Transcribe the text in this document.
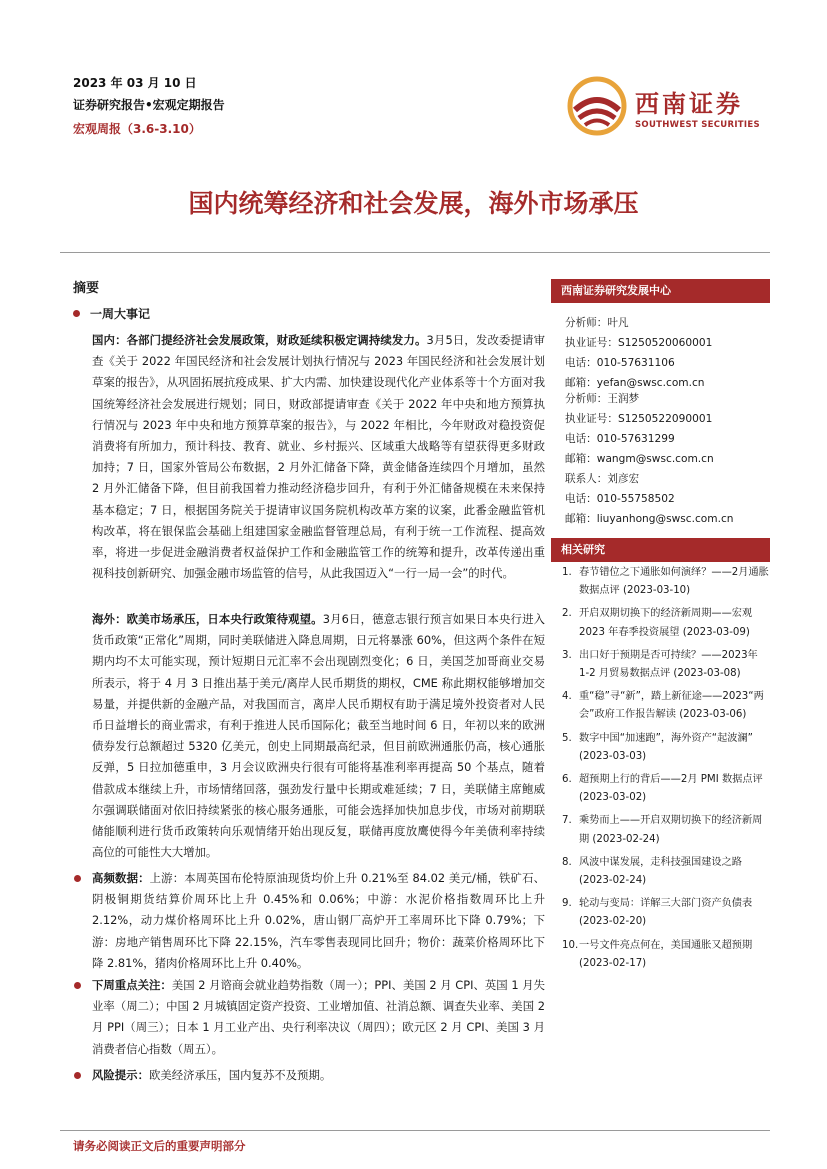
2023 年 03 月 10 日
证券研究报告•宏观定期报告
宏观周报（3.6-3.10）
西南证券
SOUTHWEST SECURITIES
国内统筹经济和社会发展，海外市场承压
摘要
一周大事记
国内：各部门提经济社会发展政策，财政延续积极定调持续发力。3月5日，发改委提请审查《关于 2022 年国民经济和社会发展计划执行情况与 2023 年国民经济和社会发展计划草案的报告》，从巩固拓展抗疫成果、扩大内需、加快建设现代化产业体系等十个方面对我国统筹经济社会发展进行规划；同日，财政部提请审查《关于 2022 年中央和地方预算执行情况与 2023 年中央和地方预算草案的报告》，与 2022 年相比，今年财政对稳投资促消费将有所加力，预计科技、教育、就业、乡村振兴、区域重大战略等有望获得更多财政加持；7 日，国家外管局公布数据，2 月外汇储备下降，黄金储备连续四个月增加，虽然 2 月外汇储备下降，但目前我国着力推动经济稳步回升，有利于外汇储备规模在未来保持基本稳定；7 日，根据国务院关于提请审议国务院机构改革方案的议案，此番金融监管机构改革，将在银保监会基础上组建国家金融监督管理总局，有利于统一工作流程、提高效率，将进一步促进金融消费者权益保护工作和金融监管工作的统筹和提升，改革传递出重视科技创新研究、加强金融市场监管的信号，从此我国迈入“一行一局一会”的时代。
海外：欧美市场承压，日本央行政策待观望。3月6日，德意志银行预言如果日本央行进入货币政策“正常化”周期，同时美联储进入降息周期，日元将暴涨 60%，但这两个条件在短期内均不太可能实现，预计短期日元汇率不会出现剧烈变化；6 日，美国芝加哥商业交易所表示，将于 4 月 3 日推出基于美元/离岸人民币期货的期权，CME 称此期权能够增加交易量，并提供新的金融产品，对我国而言，离岸人民币期权有助于满足境外投资者对人民币日益增长的商业需求，有利于推进人民币国际化；截至当地时间 6 日，年初以来的欧洲债券发行总额超过 5320 亿美元，创史上同期最高纪录，但目前欧洲通胀仍高，核心通胀反弹，5 日拉加德重申，3 月会议欧洲央行很有可能将基准利率再提高 50 个基点，随着借款成本继续上升，市场情绪回落，强劲发行量中长期或难延续；7 日，美联储主席鲍威尔强调联储面对依旧持续紧张的核心服务通胀，可能会选择加快加息步伐，市场对前期联储能顺利进行货币政策转向乐观情绪开始出现反复，联储再度放鹰使得今年美债利率持续高位的可能性大大增加。
高频数据：上游：本周英国布伦特原油现货均价上升 0.21%至 84.02 美元/桶，铁矿石、阴极铜期货结算价周环比上升 0.45%和 0.06%；中游：水泥价格指数周环比上升 2.12%，动力煤价格周环比上升 0.02%，唐山钢厂高炉开工率周环比下降 0.79%；下游：房地产销售周环比下降 22.15%，汽车零售表现同比回升；物价：蔬菜价格周环比下降 2.81%，猪肉价格周环比上升 0.40%。
下周重点关注：美国 2 月谘商会就业趋势指数（周一）；PPI、美国 2 月 CPI、英国 1 月失业率（周二）；中国 2 月城镇固定资产投资、工业增加值、社消总额、调查失业率、美国 2 月 PPI（周三）；日本 1 月工业产出、央行利率决议（周四）；欧元区 2 月 CPI、美国 3 月消费者信心指数（周五）。
风险提示：欧美经济承压，国内复苏不及预期。
西南证券研究发展中心
分析师：叶凡
执业证号：S1250520060001
电话：010-57631106
邮箱：yefan@swsc.com.cn
分析师：王润梦
执业证号：S1250522090001
电话：010-57631299
邮箱：wangm@swsc.com.cn
联系人：刘彦宏
电话：010-55758502
邮箱：liuyanhong@swsc.com.cn
相关研究
1. 春节错位之下通胀如何演绎？——2月通胀数据点评 (2023-03-10)
2. 开启双期切换下的经济新周期——宏观 2023 年春季投资展望 (2023-03-09)
3. 出口好于预期是否可持续？——2023年 1-2 月贸易数据点评 (2023-03-08)
4. 重“稳”寻“新”，踏上新征途——2023“两会”政府工作报告解读 (2023-03-06)
5. 数字中国“加速跑”，海外资产“起波澜” (2023-03-03)
6. 超预期上行的背后——2月 PMI 数据点评 (2023-03-02)
7. 乘势而上——开启双期切换下的经济新周期 (2023-02-24)
8. 风波中谋发展，走科技强国建设之路 (2023-02-24)
9. 轮动与变局：详解三大部门资产负债表 (2023-02-20)
10. 一号文件亮点何在，美国通胀又超预期 (2023-02-17)
请务必阅读正文后的重要声明部分
